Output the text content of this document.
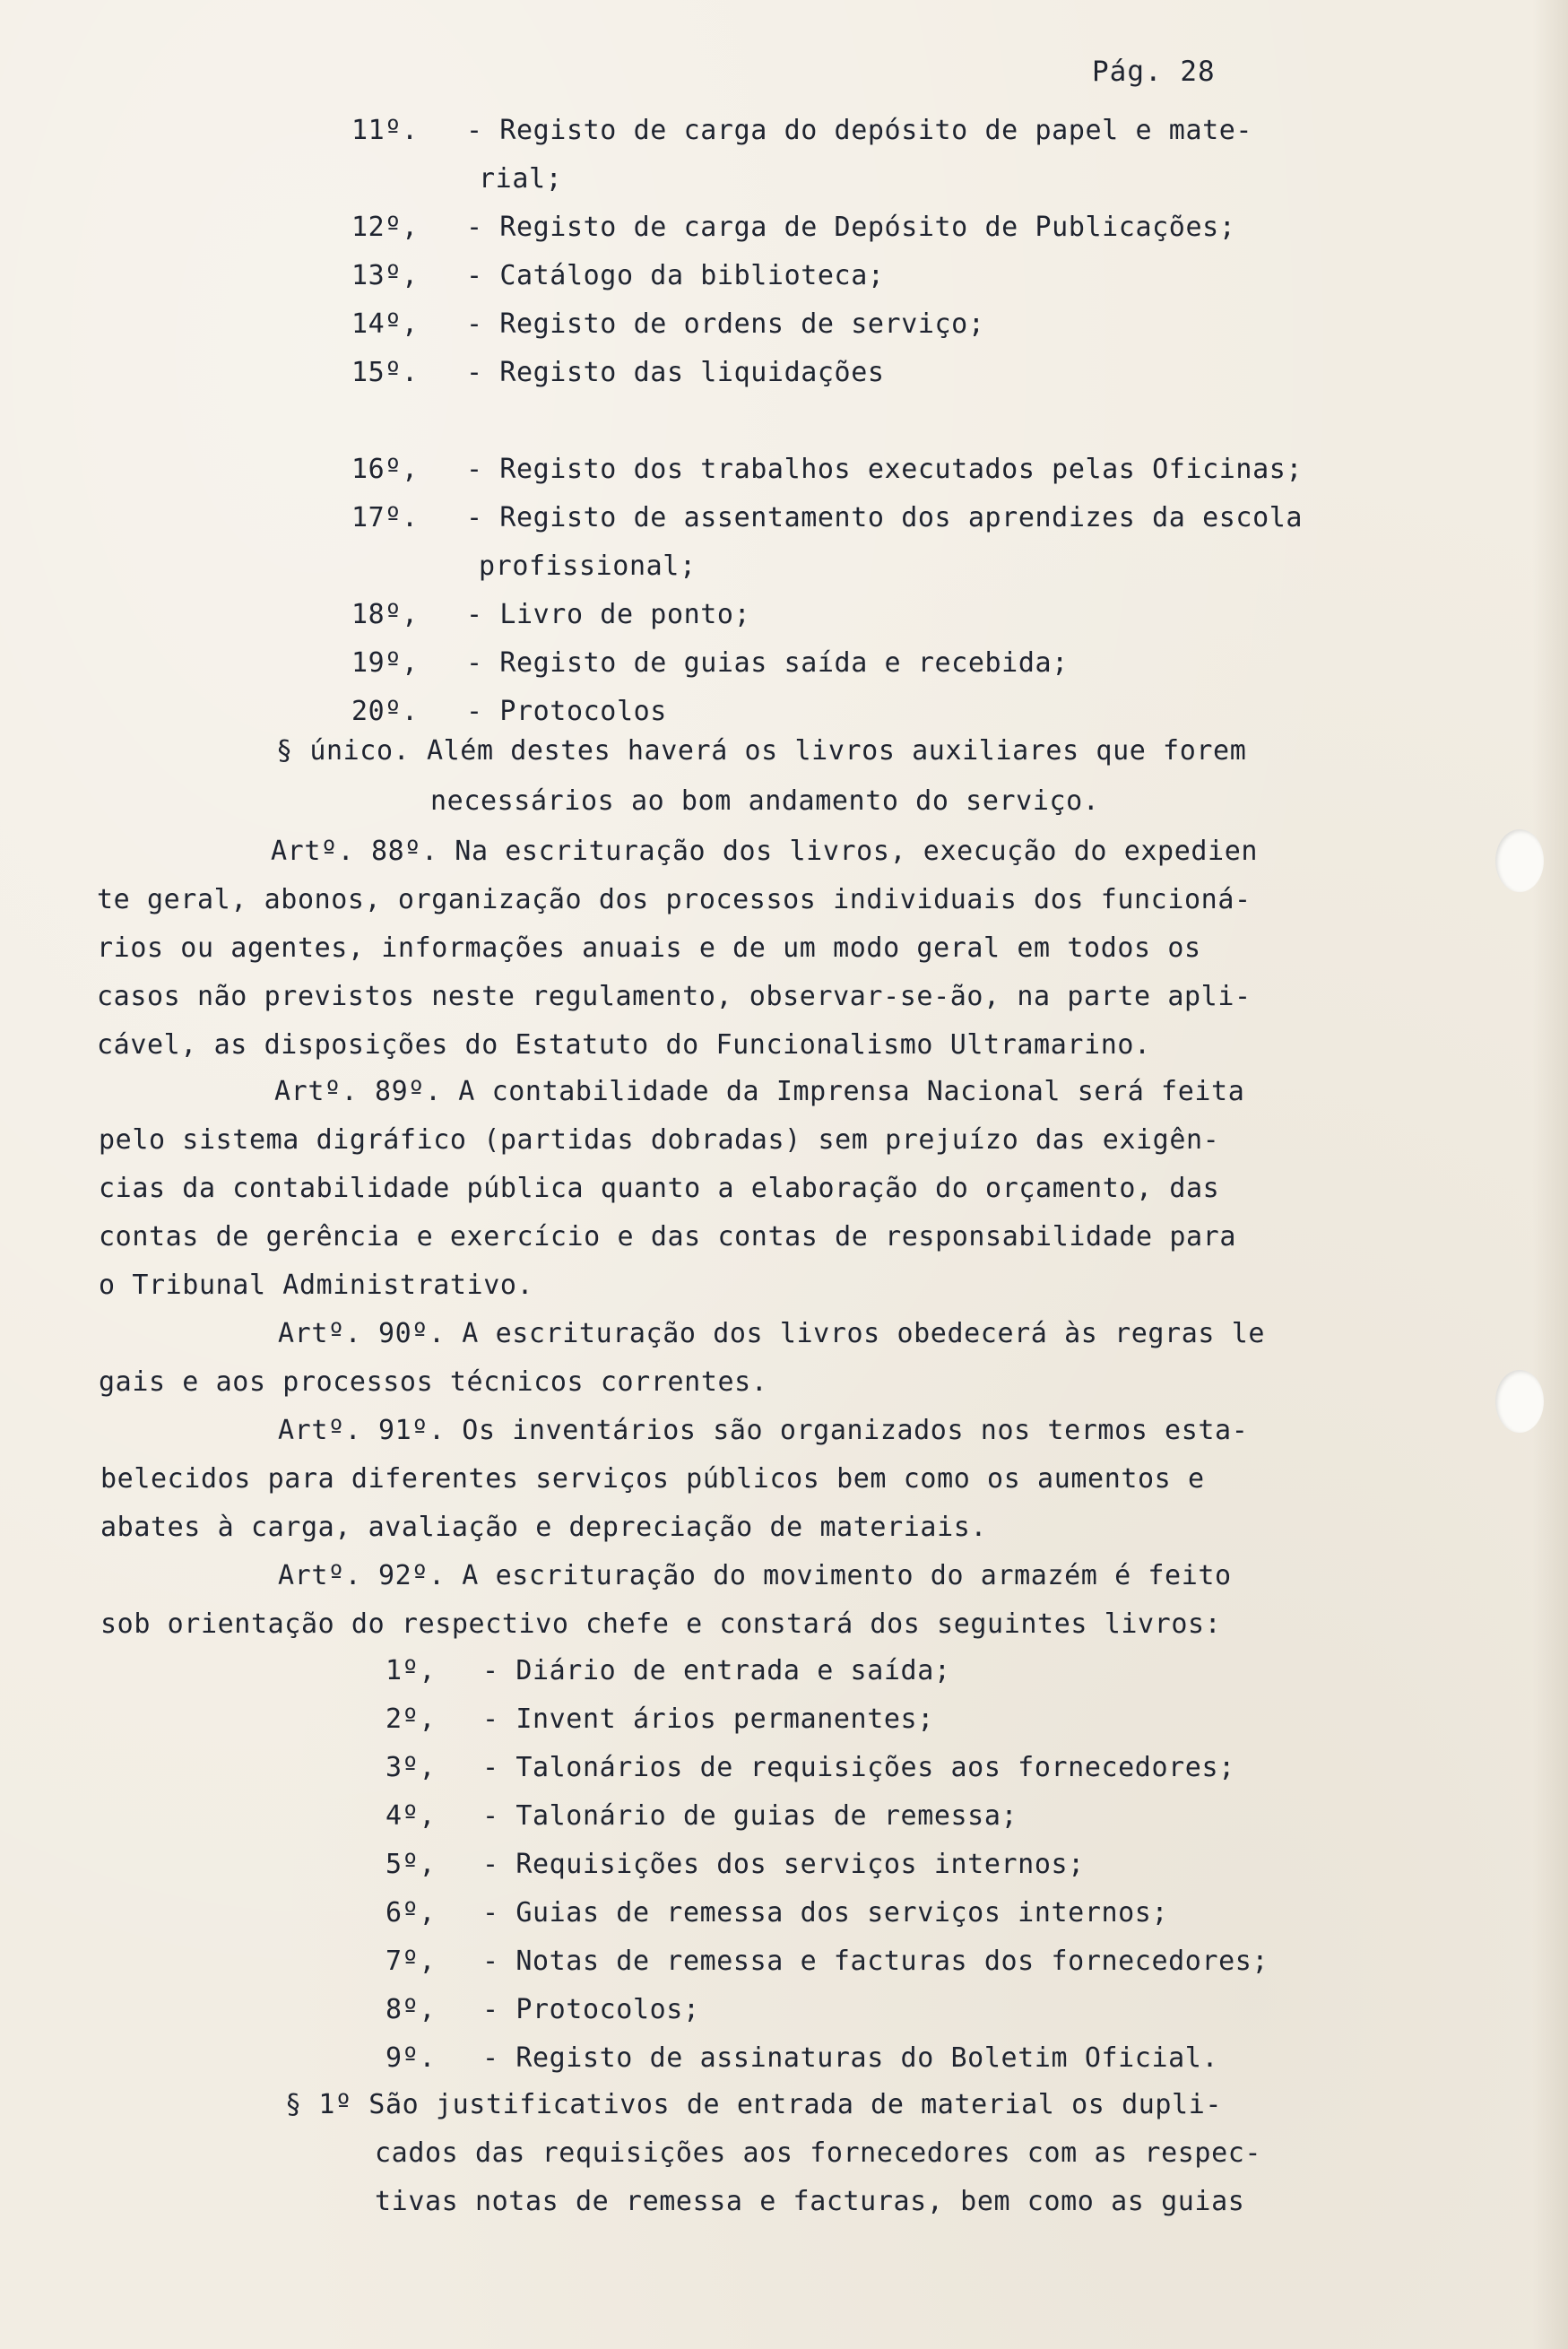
Pág. 28
11º. - Registo de carga do depósito de papel e mate-
rial;
12º, - Registo de carga de Depósito de Publicações;
13º, - Catálogo da biblioteca;
14º, - Registo de ordens de serviço;
15º. - Registo das liquidações
16º, - Registo dos trabalhos executados pelas Oficinas;
17º. - Registo de assentamento dos aprendizes da escola
profissional;
18º, - Livro de ponto;
19º, - Registo de guias saída e recebida;
20º. - Protocolos
§ único. Além destes haverá os livros auxiliares que forem
necessários ao bom andamento do serviço.
Artº. 88º. Na escrituração dos livros, execução do expedien
te geral, abonos, organização dos processos individuais dos funcioná-
rios ou agentes, informações anuais e de um modo geral em todos os
casos não previstos neste regulamento, observar-se-ão, na parte apli-
cável, as disposições do Estatuto do Funcionalismo Ultramarino.
Artº. 89º. A contabilidade da Imprensa Nacional será feita
pelo sistema digráfico (partidas dobradas) sem prejuízo das exigên-
cias da contabilidade pública quanto a elaboração do orçamento, das
contas de gerência e exercício e das contas de responsabilidade para
o Tribunal Administrativo.
Artº. 90º. A escrituração dos livros obedecerá às regras le
gais e aos processos técnicos correntes.
Artº. 91º. Os inventários são organizados nos termos esta-
belecidos para diferentes serviços públicos bem como os aumentos e
abates à carga, avaliação e depreciação de materiais.
Artº. 92º. A escrituração do movimento do armazém é feito
sob orientação do respectivo chefe e constará dos seguintes livros:
1º, - Diário de entrada e saída;
2º, - Invent ários permanentes;
3º, - Talonários de requisições aos fornecedores;
4º, - Talonário de guias de remessa;
5º, - Requisições dos serviços internos;
6º, - Guias de remessa dos serviços internos;
7º, - Notas de remessa e facturas dos fornecedores;
8º, - Protocolos;
9º. - Registo de assinaturas do Boletim Oficial.
§ 1º São justificativos de entrada de material os dupli-
cados das requisições aos fornecedores com as respec-
tivas notas de remessa e facturas, bem como as guias
